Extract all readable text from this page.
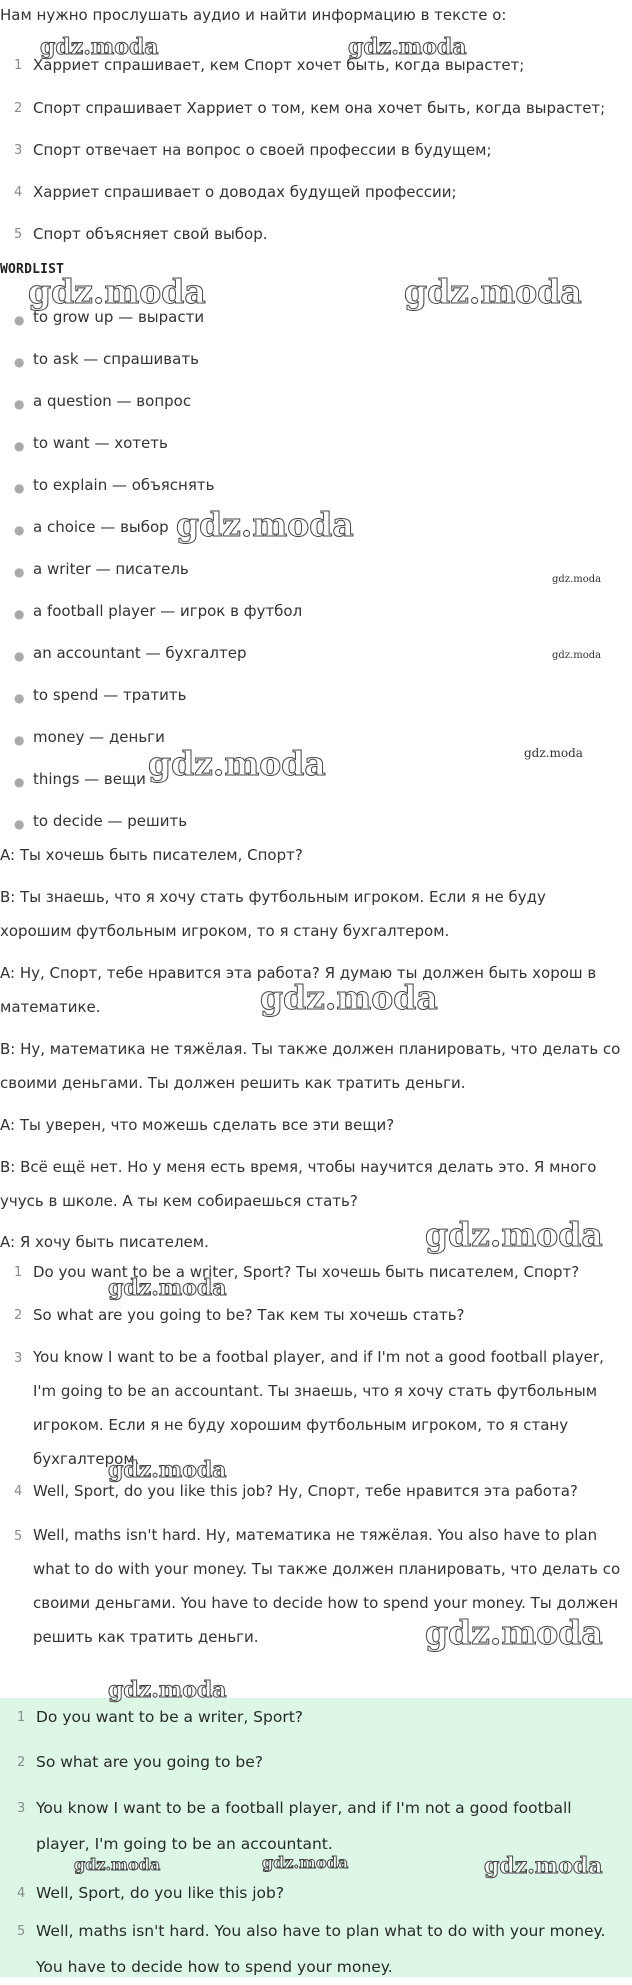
Нам нужно прослушать аудио и найти информацию в тексте о:
1 Харриет спрашивает, кем Спорт хочет быть, когда вырастет;
2 Спорт спрашивает Харриет о том, кем она хочет быть, когда вырастет;
3 Спорт отвечает на вопрос о своей профессии в будущем;
4 Харриет спрашивает о доводах будущей профессии;
5 Спорт объясняет свой выбор.
WORDLIST
● to grow up — вырасти
● to ask — спрашивать
● a question — вопрос
● to want — хотеть
● to explain — объяснять
● a choice — выбор
● a writer — писатель
● a football player — игрок в футбол
● an accountant — бухгалтер
● to spend — тратить
● money — деньги
● things — вещи
● to decide — решить
A: Ты хочешь быть писателем, Спорт?
B: Ты знаешь, что я хочу стать футбольным игроком. Если я не буду хорошим футбольным игроком, то я стану бухгалтером.
A: Ну, Спорт, тебе нравится эта работа? Я думаю ты должен быть хорош в математике.
B: Ну, математика не тяжёлая. Ты также должен планировать, что делать со своими деньгами. Ты должен решить как тратить деньги.
A: Ты уверен, что можешь сделать все эти вещи?
B: Всё ещё нет. Но у меня есть время, чтобы научится делать это. Я много учусь в школе. А ты кем собираешься стать?
A: Я хочу быть писателем.
1 Do you want to be a writer, Sport? Ты хочешь быть писателем, Спорт?
2 So what are you going to be? Так кем ты хочешь стать?
3 You know I want to be a footbal player, and if I'm not a good football player, I'm going to be an accountant. Ты знаешь, что я хочу стать футбольным игроком. Если я не буду хорошим футбольным игроком, то я стану бухгалтером.
4 Well, Sport, do you like this job? Ну, Спорт, тебе нравится эта работа?
5 Well, maths isn't hard. Ну, математика не тяжёлая. You also have to plan what to do with your money. Ты также должен планировать, что делать со своими деньгами. You have to decide how to spend your money. Ты должен решить как тратить деньги.
1 Do you want to be a writer, Sport?
2 So what are you going to be?
3 You know I want to be a football player, and if I'm not a good football player, I'm going to be an accountant.
4 Well, Sport, do you like this job?
5 Well, maths isn't hard. You also have to plan what to do with your money. You have to decide how to spend your money.
gdz.moda	gdz.moda
gdz.moda	gdz.moda
gdz.moda
gdz.moda
gdz.moda
gdz.moda
gdz.moda
gdz.moda
gdz.moda
gdz.moda
gdz.moda
gdz.moda
gdz.moda
gdz.moda	gdz.moda	gdz.moda
